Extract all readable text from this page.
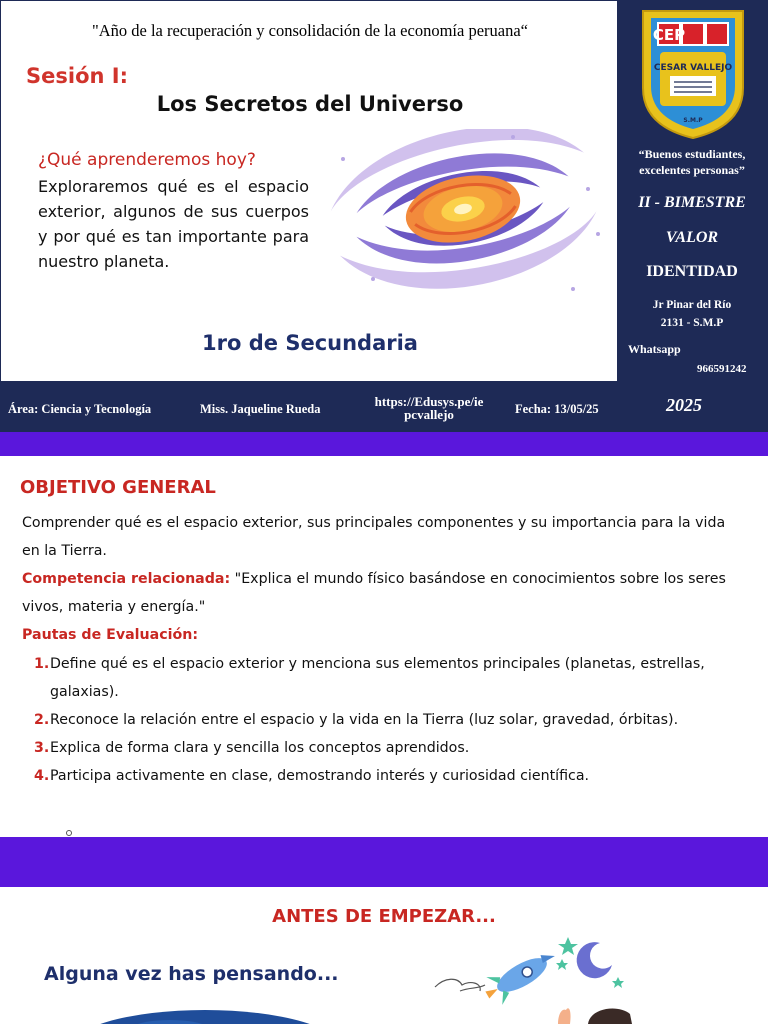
"Año de la recuperación y consolidación de la economía peruana“
Sesión I:
Los Secretos del Universo
¿Qué aprenderemos hoy?
Exploraremos qué es el espacio exterior, algunos de sus cuerpos y por qué es tan importante para nuestro planeta.
1ro de Secundaria
CEP
CESAR VALLEJO
S.M.P
“Buenos estudiantes, excelentes personas”
II - BIMESTRE
VALOR
IDENTIDAD
Jr Pinar del Río
2131 - S.M.P
Whatsapp
966591242
Área: Ciencia y Tecnología	Miss. Jaqueline Rueda	https://Edusys.pe/ie
pcvallejo	Fecha: 13/05/25	2025
OBJETIVO GENERAL
Comprender qué es el espacio exterior, sus principales componentes y su importancia para la vida en la Tierra.
Competencia relacionada: "Explica el mundo físico basándose en conocimientos sobre los seres vivos, materia y energía."
Pautas de Evaluación:
1. Define qué es el espacio exterior y menciona sus elementos principales (planetas, estrellas, galaxias).
2. Reconoce la relación entre el espacio y la vida en la Tierra (luz solar, gravedad, órbitas).
3. Explica de forma clara y sencilla los conceptos aprendidos.
4. Participa activamente en clase, demostrando interés y curiosidad científica.
ANTES DE EMPEZAR...
Alguna vez has pensando...
